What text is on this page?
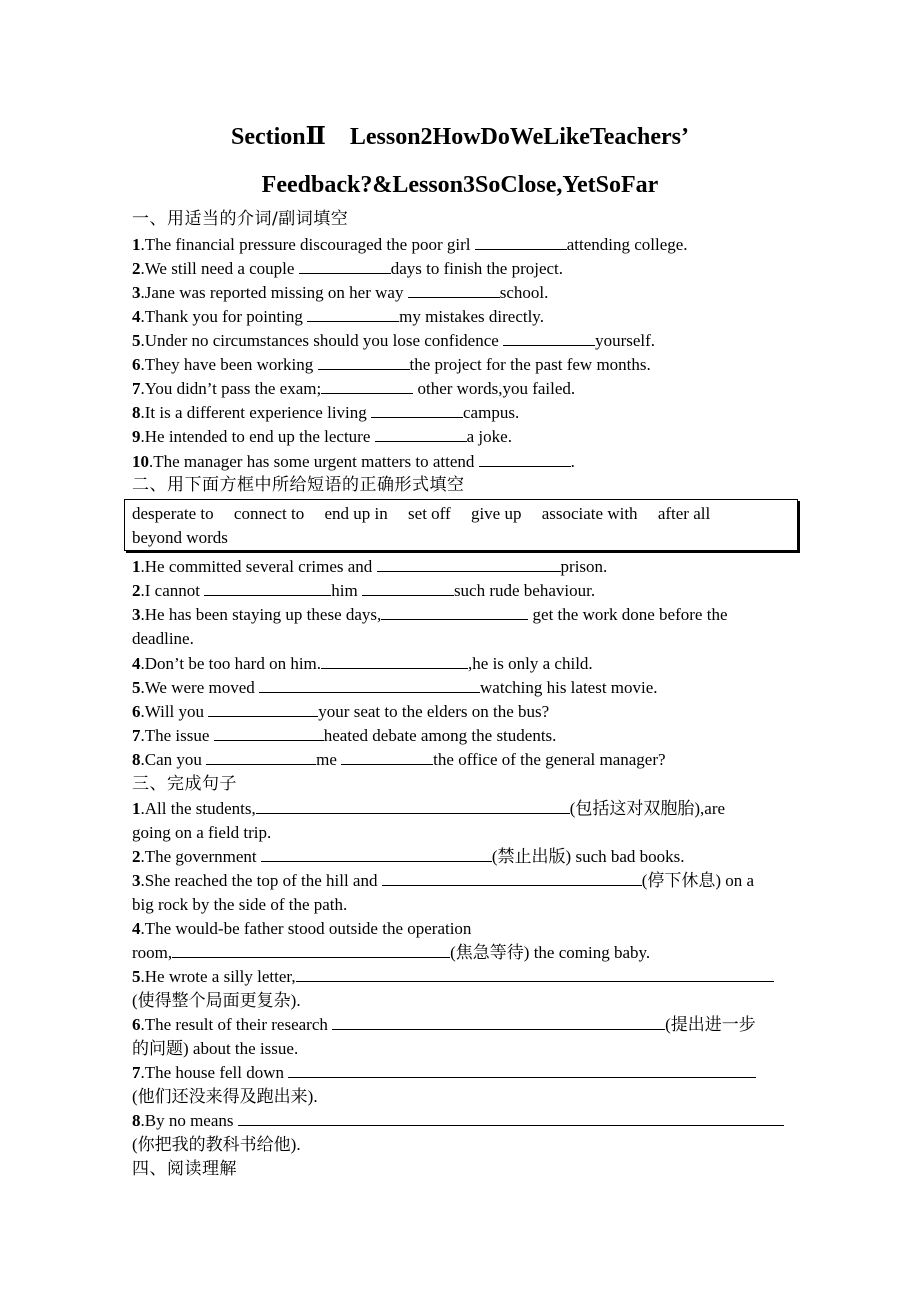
SectionⅡ    Lesson2HowDoWeLikeTeachers’
Feedback?&Lesson3SoClose,YetSoFar
一、用适当的介词/副词填空
1.The financial pressure discouraged the poor girl	attending college.
2.We still need a couple	days to finish the project.
3.Jane was reported missing on her way	school.
4.Thank you for pointing	my mistakes directly.
5.Under no circumstances should you lose confidence	yourself.
6.They have been working	the project for the past few months.
7.You didn’t pass the exam;	other words,you failed.
8.It is a different experience living	campus.
9.He intended to end up the lecture	a joke.
10.The manager has some urgent matters to attend	.
二、用下面方框中所给短语的正确形式填空
desperate to connect to end up in set off give up associate with after all
beyond words
1.He committed several crimes and	prison.
2.I cannot	him	such rude behaviour.
3.He has been staying up these days,	get the work done before the
deadline.
4.Don’t be too hard on him.	,he is only a child.
5.We were moved	watching his latest movie.
6.Will you	your seat to the elders on the bus?
7.The issue	heated debate among the students.
8.Can you	me	the office of the general manager?
三、完成句子
1.All the students,	(包括这对双胞胎),are
going on a field trip.
2.The government	(禁止出版) such bad books.
3.She reached the top of the hill and	(停下休息) on a
big rock by the side of the path.
4.The would-be father stood outside the operation
room,	(焦急等待) the coming baby.
5.He wrote a silly letter,
(使得整个局面更复杂).
6.The result of their research	(提出进一步
的问题) about the issue.
7.The house fell down
(他们还没来得及跑出来).
8.By no means
(你把我的教科书给他).
四、阅读理解
